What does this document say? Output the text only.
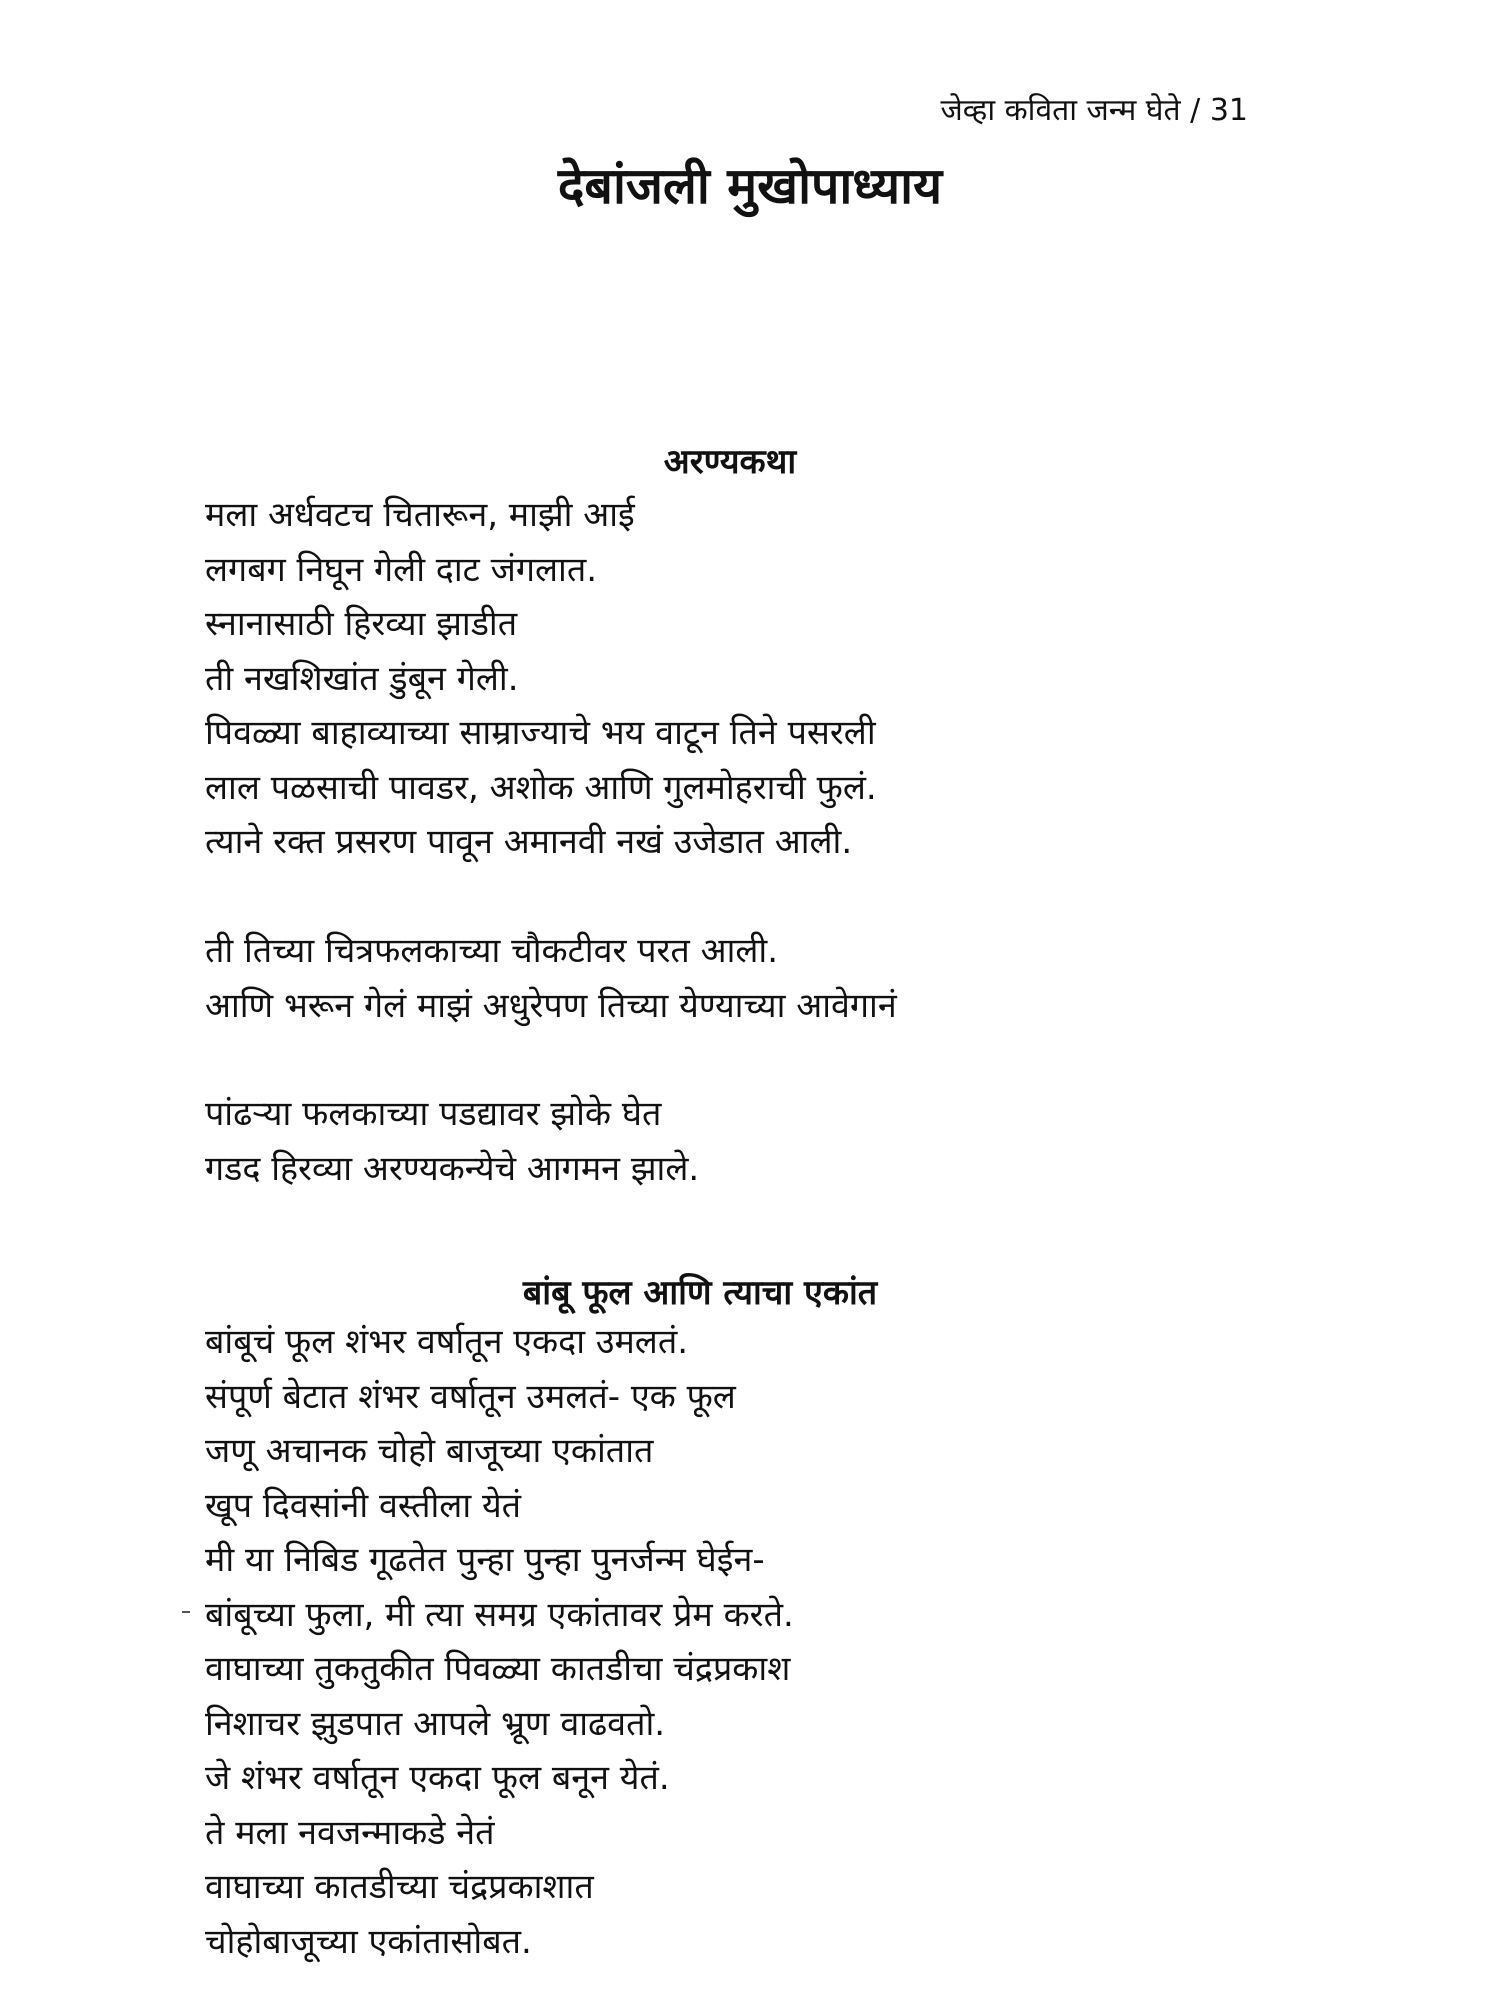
जेव्हा कविता जन्म घेते / 31
देबांजली मुखोपाध्याय
अरण्यकथा
मला अर्धवटच चितारून, माझी आई
लगबग निघून गेली दाट जंगलात.
स्नानासाठी हिरव्या झाडीत
ती नखशिखांत डुंबून गेली.
पिवळ्या बाहाव्याच्या साम्राज्याचे भय वाटून तिने पसरली
लाल पळसाची पावडर, अशोक आणि गुलमोहराची फुलं.
त्याने रक्त प्रसरण पावून अमानवी नखं उजेडात आली.
ती तिच्या चित्रफलकाच्या चौकटीवर परत आली.
आणि भरून गेलं माझं अधुरेपण तिच्या येण्याच्या आवेगानं
पांढऱ्या फलकाच्या पडद्यावर झोके घेत
गडद हिरव्या अरण्यकन्येचे आगमन झाले.
बांबू फूल आणि त्याचा एकांत
बांबूचं फूल शंभर वर्षातून एकदा उमलतं.
संपूर्ण बेटात शंभर वर्षातून उमलतं- एक फूल
जणू अचानक चोहो बाजूच्या एकांतात
खूप दिवसांनी वस्तीला येतं
मी या निबिड गूढतेत पुन्हा पुन्हा पुनर्जन्म घेईन-
बांबूच्या फुला, मी त्या समग्र एकांतावर प्रेम करते.
वाघाच्या तुकतुकीत पिवळ्या कातडीचा चंद्रप्रकाश
निशाचर झुडपात आपले भ्रूण वाढवतो.
जे शंभर वर्षातून एकदा फूल बनून येतं.
ते मला नवजन्माकडे नेतं
वाघाच्या कातडीच्या चंद्रप्रकाशात
चोहोबाजूच्या एकांतासोबत.
